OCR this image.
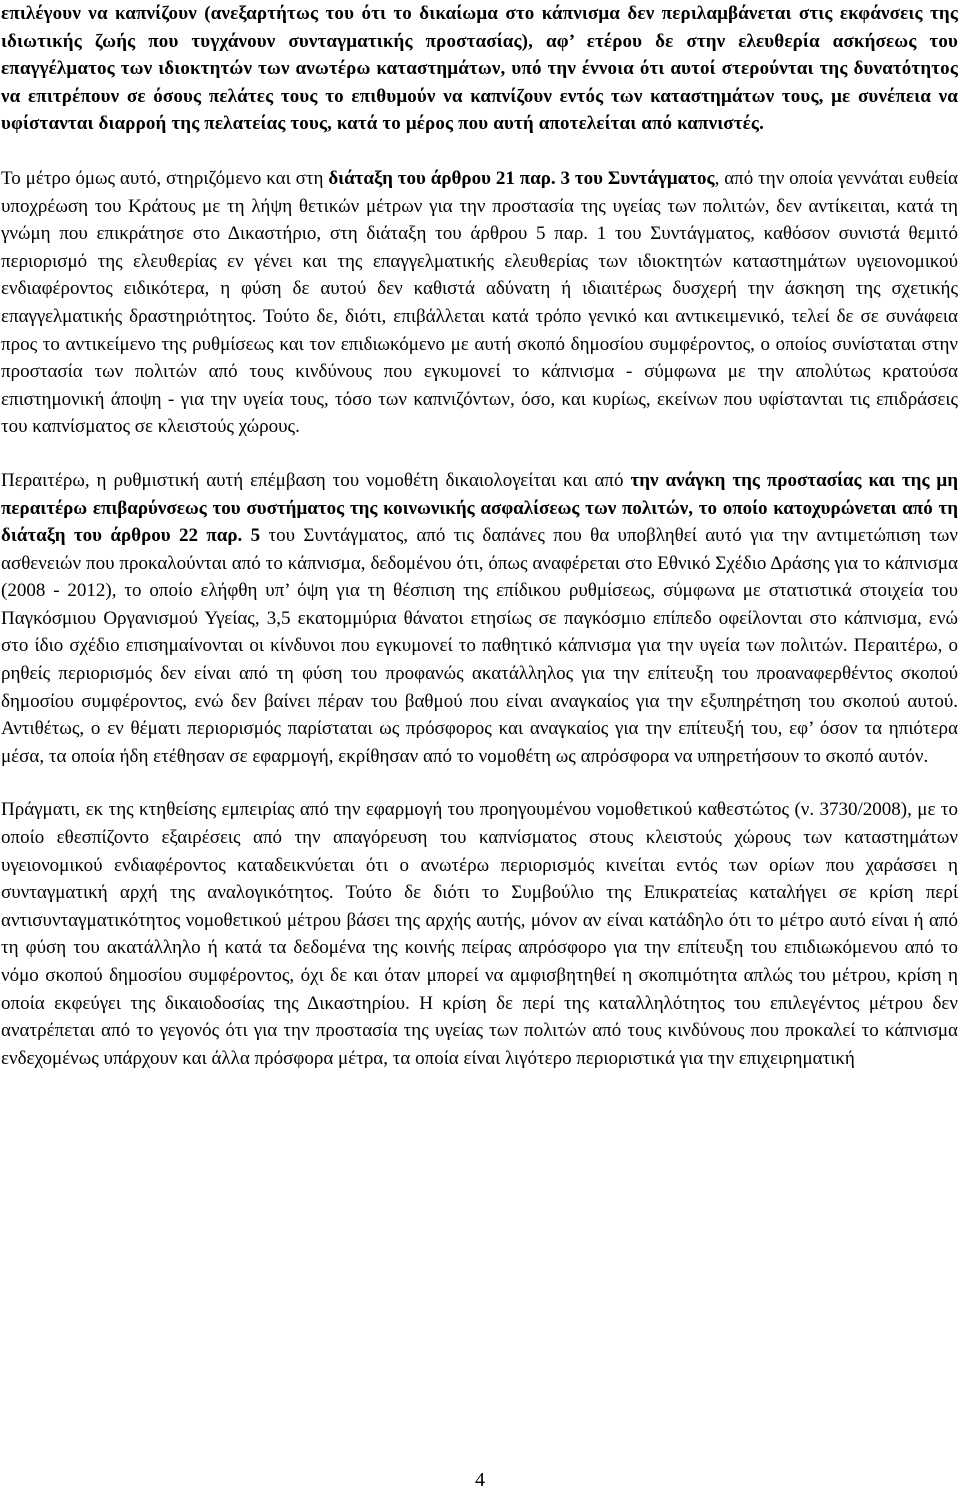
επιλέγουν να καπνίζουν (ανεξαρτήτως του ότι το δικαίωμα στο κάπνισμα δεν περιλαμβάνεται στις εκφάνσεις της ιδιωτικής ζωής που τυγχάνουν συνταγματικής προστασίας), αφ’ ετέρου δε στην ελευθερία ασκήσεως του επαγγέλματος των ιδιοκτητών των ανωτέρω καταστημάτων, υπό την έννοια ότι αυτοί στερούνται της δυνατότητος να επιτρέπουν σε όσους πελάτες τους το επιθυμούν να καπνίζουν εντός των καταστημάτων τους, με συνέπεια να υφίστανται διαρροή της πελατείας τους, κατά το μέρος που αυτή αποτελείται από καπνιστές.

Το μέτρο όμως αυτό, στηριζόμενο και στη διάταξη του άρθρου 21 παρ. 3 του Συντάγματος, από την οποία γεννάται ευθεία υποχρέωση του Κράτους με τη λήψη θετικών μέτρων για την προστασία της υγείας των πολιτών, δεν αντίκειται, κατά τη γνώμη που επικράτησε στο Δικαστήριο, στη διάταξη του άρθρου 5 παρ. 1 του Συντάγματος, καθόσον συνιστά θεμιτό περιορισμό της ελευθερίας εν γένει και της επαγγελματικής ελευθερίας των ιδιοκτητών καταστημάτων υγειονομικού ενδιαφέροντος ειδικότερα, η φύση δε αυτού δεν καθιστά αδύνατη ή ιδιαιτέρως δυσχερή την άσκηση της σχετικής επαγγελματικής δραστηριότητος. Τούτο δε, διότι, επιβάλλεται κατά τρόπο γενικό και αντικειμενικό, τελεί δε σε συνάφεια προς το αντικείμενο της ρυθμίσεως και τον επιδιωκόμενο με αυτή σκοπό δημοσίου συμφέροντος, ο οποίος συνίσταται στην προστασία των πολιτών από τους κινδύνους που εγκυμονεί το κάπνισμα - σύμφωνα με την απολύτως κρατούσα επιστημονική άποψη - για την υγεία τους, τόσο των καπνιζόντων, όσο, και κυρίως, εκείνων που υφίστανται τις επιδράσεις του καπνίσματος σε κλειστούς χώρους.

Περαιτέρω, η ρυθμιστική αυτή επέμβαση του νομοθέτη δικαιολογείται και από την ανάγκη της προστασίας και της μη περαιτέρω επιβαρύνσεως του συστήματος της κοινωνικής ασφαλίσεως των πολιτών, το οποίο κατοχυρώνεται από τη διάταξη του άρθρου 22 παρ. 5 του Συντάγματος, από τις δαπάνες που θα υποβληθεί αυτό για την αντιμετώπιση των ασθενειών που προκαλούνται από το κάπνισμα, δεδομένου ότι, όπως αναφέρεται στο Εθνικό Σχέδιο Δράσης για το κάπνισμα (2008 - 2012), το οποίο ελήφθη υπ’ όψη για τη θέσπιση της επίδικου ρυθμίσεως, σύμφωνα με στατιστικά στοιχεία του Παγκόσμιου Οργανισμού Υγείας, 3,5 εκατομμύρια θάνατοι ετησίως σε παγκόσμιο επίπεδο οφείλονται στο κάπνισμα, ενώ στο ίδιο σχέδιο επισημαίνονται οι κίνδυνοι που εγκυμονεί το παθητικό κάπνισμα για την υγεία των πολιτών. Περαιτέρω, ο ρηθείς περιορισμός δεν είναι από τη φύση του προφανώς ακατάλληλος για την επίτευξη του προαναφερθέντος σκοπού δημοσίου συμφέροντος, ενώ δεν βαίνει πέραν του βαθμού που είναι αναγκαίος για την εξυπηρέτηση του σκοπού αυτού. Αντιθέτως, ο εν θέματι περιορισμός παρίσταται ως πρόσφορος και αναγκαίος για την επίτευξή του, εφ’ όσον τα ηπιότερα μέσα, τα οποία ήδη ετέθησαν σε εφαρμογή, εκρίθησαν από το νομοθέτη ως απρόσφορα να υπηρετήσουν το σκοπό αυτόν.

Πράγματι, εκ της κτηθείσης εμπειρίας από την εφαρμογή του προηγουμένου νομοθετικού καθεστώτος (ν. 3730/2008), με το οποίο εθεσπίζοντο εξαιρέσεις από την απαγόρευση του καπνίσματος στους κλειστούς χώρους των καταστημάτων υγειονομικού ενδιαφέροντος καταδεικνύεται ότι ο ανωτέρω περιορισμός κινείται εντός των ορίων που χαράσσει η συνταγματική αρχή της αναλογικότητος. Τούτο δε διότι το Συμβούλιο της Επικρατείας καταλήγει σε κρίση περί αντισυνταγματικότητος νομοθετικού μέτρου βάσει της αρχής αυτής, μόνον αν είναι κατάδηλο ότι το μέτρο αυτό είναι ή από τη φύση του ακατάλληλο ή κατά τα δεδομένα της κοινής πείρας απρόσφορο για την επίτευξη του επιδιωκόμενου από το νόμο σκοπού δημοσίου συμφέροντος, όχι δε και όταν μπορεί να αμφισβητηθεί η σκοπιμότητα απλώς του μέτρου, κρίση η οποία εκφεύγει της δικαιοδοσίας της Δικαστηρίου. Η κρίση δε περί της καταλληλότητος του επιλεγέντος μέτρου δεν ανατρέπεται από το γεγονός ότι για την προστασία της υγείας των πολιτών από τους κινδύνους που προκαλεί το κάπνισμα ενδεχομένως υπάρχουν και άλλα πρόσφορα μέτρα, τα οποία είναι λιγότερο περιοριστικά για την επιχειρηματική

4
